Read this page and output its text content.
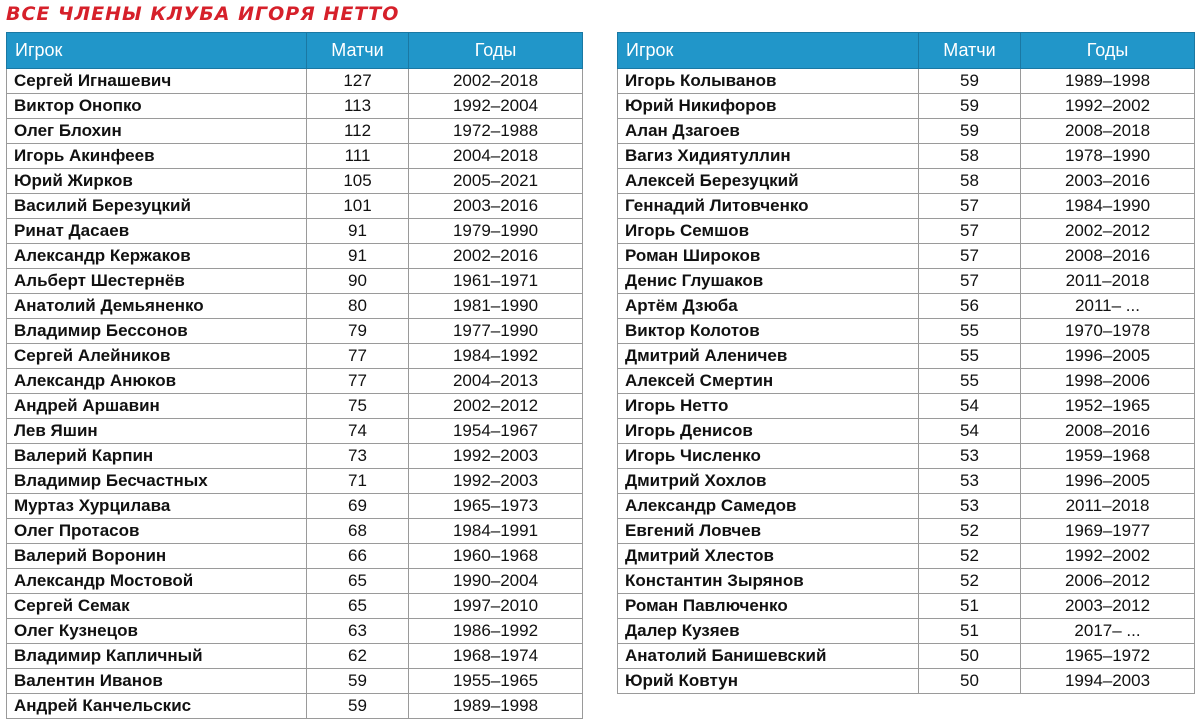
ВСЕ ЧЛЕНЫ КЛУБА ИГОРЯ НЕТТО
Игрок	Матчи	Годы
Сергей Игнашевич	127	2002–2018
Виктор Онопко	113	1992–2004
Олег Блохин	112	1972–1988
Игорь Акинфеев	111	2004–2018
Юрий Жирков	105	2005–2021
Василий Березуцкий	101	2003–2016
Ринат Дасаев	91	1979–1990
Александр Кержаков	91	2002–2016
Альберт Шестернёв	90	1961–1971
Анатолий Демьяненко	80	1981–1990
Владимир Бессонов	79	1977–1990
Сергей Алейников	77	1984–1992
Александр Анюков	77	2004–2013
Андрей Аршавин	75	2002–2012
Лев Яшин	74	1954–1967
Валерий Карпин	73	1992–2003
Владимир Бесчастных	71	1992–2003
Муртаз Хурцилава	69	1965–1973
Олег Протасов	68	1984–1991
Валерий Воронин	66	1960–1968
Александр Мостовой	65	1990–2004
Сергей Семак	65	1997–2010
Олег Кузнецов	63	1986–1992
Владимир Капличный	62	1968–1974
Валентин Иванов	59	1955–1965
Андрей Канчельскис	59	1989–1998
Игрок	Матчи	Годы
Игорь Колыванов	59	1989–1998
Юрий Никифоров	59	1992–2002
Алан Дзагоев	59	2008–2018
Вагиз Хидиятуллин	58	1978–1990
Алексей Березуцкий	58	2003–2016
Геннадий Литовченко	57	1984–1990
Игорь Семшов	57	2002–2012
Роман Широков	57	2008–2016
Денис Глушаков	57	2011–2018
Артём Дзюба	56	2011– ...
Виктор Колотов	55	1970–1978
Дмитрий Аленичев	55	1996–2005
Алексей Смертин	55	1998–2006
Игорь Нетто	54	1952–1965
Игорь Денисов	54	2008–2016
Игорь Численко	53	1959–1968
Дмитрий Хохлов	53	1996–2005
Александр Самедов	53	2011–2018
Евгений Ловчев	52	1969–1977
Дмитрий Хлестов	52	1992–2002
Константин Зырянов	52	2006–2012
Роман Павлюченко	51	2003–2012
Далер Кузяев	51	2017– ...
Анатолий Банишевский	50	1965–1972
Юрий Ковтун	50	1994–2003
